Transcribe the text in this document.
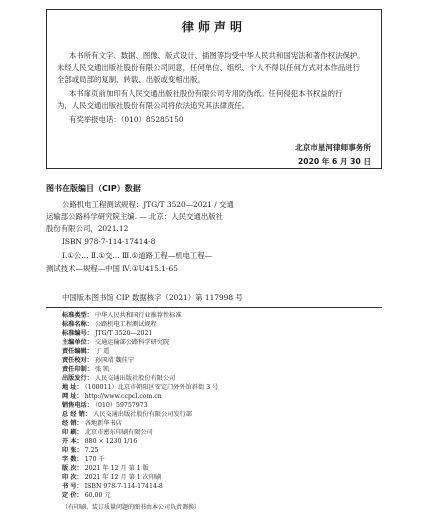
律师声明
本书所有文字、数据、图像、版式设计、插图等均受中华人民共和国宪法和著作权法保护。
未经人民交通出版社股份有限公司同意，任何单位、组织、个人不得以任何方式对本作品进行
全部或局部的复制、转载、出版或变相出版。
本书扉页前加印有人民交通出版社股份有限公司专用防伪纸。任何侵犯本书权益的行
为，人民交通出版社股份有限公司将依法追究其法律责任。
有奖举报电话：（010）85285150
北京市星河律师事务所
2020 年 6 月 30 日
图书在版编目（CIP）数据
公路机电工程测试规程：JTG/T 3520—2021 / 交通
运输部公路科学研究院主编. — 北京：人民交通出版社
股份有限公司，2021.12
ISBN 978-7-114-17414-8
Ⅰ.①公… Ⅱ.①交… Ⅲ.①道路工程—机电工程—
测试技术—规程—中国 Ⅳ.①U415.1-65
中国版本图书馆 CIP 数据核字（2021）第 117998 号
标准类型： 中华人民共和国行业推荐性标准
标准名称： 公路机电工程测试规程
标准编号： JTG/T 3520—2021
主编单位： 交通运输部公路科学研究院
责任编辑： 丁 遥
责任校对： 孙国靖 魏佳宁
责任印制： 张 凯
出版发行： 人民交通出版社股份有限公司
地 址： （100011）北京市朝阳区安定门外外馆斜街 3 号
网 址： http://www.ccpcl.com.cn
销售电话： （010）59757973
总 经 销： 人民交通出版社股份有限公司发行部
经 销： 各地新华书店
印 刷： 北京市密东印刷有限公司
开 本： 880 × 1230 1/16
印 张： 7.25
字 数： 170 千
版 次： 2021 年 12 月 第 1 版
印 次： 2021 年 12 月 第 1 次印刷
书 号： ISBN 978-7-114-17414-8
定 价： 60.00 元
（有印刷、装订质量问题的图书由本公司负责调换）
